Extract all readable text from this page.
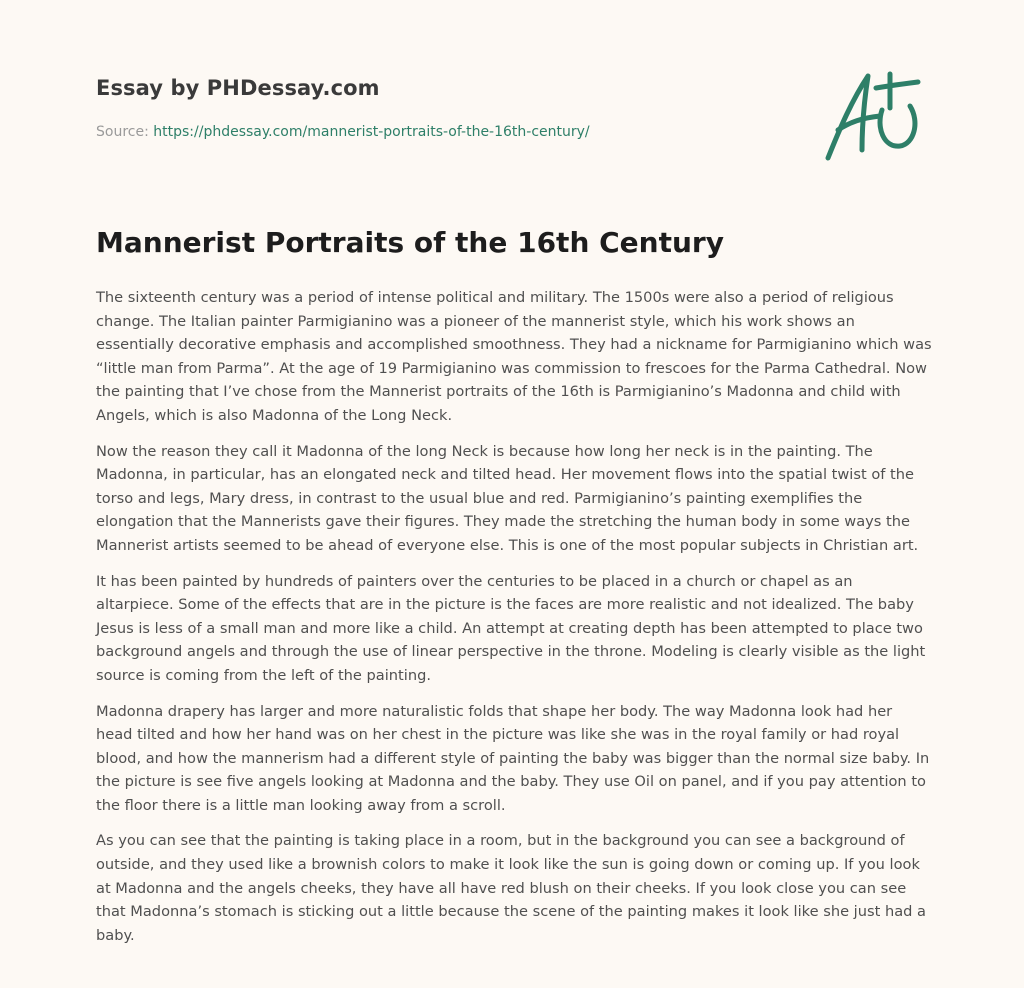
Essay by PHDessay.com
Source: https://phdessay.com/mannerist-portraits-of-the-16th-century/
Mannerist Portraits of the 16th Century

The sixteenth century was a period of intense political and military. The 1500s were also a period of religious change. The Italian painter Parmigianino was a pioneer of the mannerist style, which his work shows an essentially decorative emphasis and accomplished smoothness. They had a nickname for Parmigianino which was “little man from Parma”. At the age of 19 Parmigianino was commission to frescoes for the Parma Cathedral. Now the painting that I’ve chose from the Mannerist portraits of the 16th is Parmigianino’s Madonna and child with Angels, which is also Madonna of the Long Neck.

Now the reason they call it Madonna of the long Neck is because how long her neck is in the painting. The Madonna, in particular, has an elongated neck and tilted head. Her movement flows into the spatial twist of the torso and legs, Mary dress, in contrast to the usual blue and red. Parmigianino’s painting exemplifies the elongation that the Mannerists gave their figures. They made the stretching the human body in some ways the Mannerist artists seemed to be ahead of everyone else. This is one of the most popular subjects in Christian art.

It has been painted by hundreds of painters over the centuries to be placed in a church or chapel as an altarpiece. Some of the effects that are in the picture is the faces are more realistic and not idealized. The baby Jesus is less of a small man and more like a child. An attempt at creating depth has been attempted to place two background angels and through the use of linear perspective in the throne. Modeling is clearly visible as the light source is coming from the left of the painting.

Madonna drapery has larger and more naturalistic folds that shape her body. The way Madonna look had her head tilted and how her hand was on her chest in the picture was like she was in the royal family or had royal blood, and how the mannerism had a different style of painting the baby was bigger than the normal size baby. In the picture is see five angels looking at Madonna and the baby. They use Oil on panel, and if you pay attention to the floor there is a little man looking away from a scroll.

As you can see that the painting is taking place in a room, but in the background you can see a background of outside, and they used like a brownish colors to make it look like the sun is going down or coming up. If you look at Madonna and the angels cheeks, they have all have red blush on their cheeks. If you look close you can see that Madonna’s stomach is sticking out a little because the scene of the painting makes it look like she just had a baby.
